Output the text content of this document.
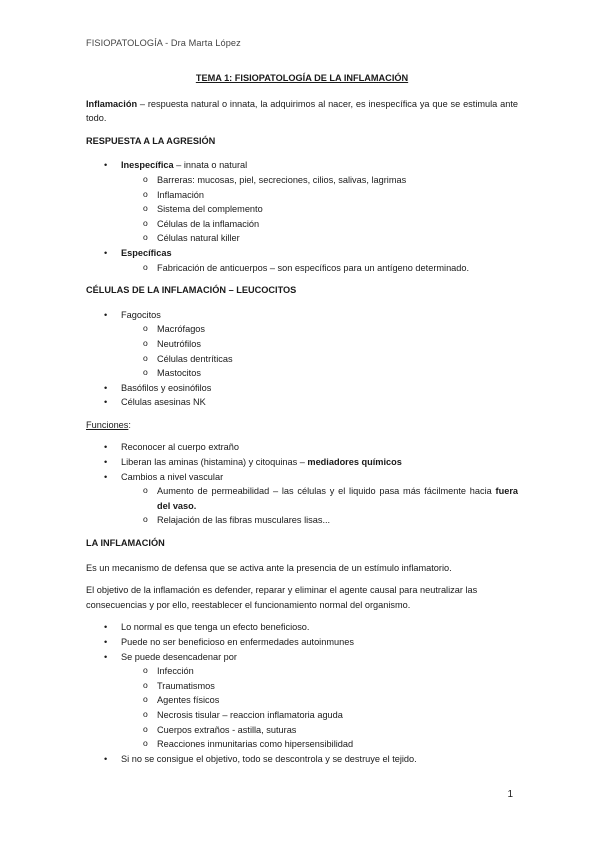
FISIOPATOLOGÍA - Dra Marta López
TEMA 1: FISIOPATOLOGÍA DE LA INFLAMACIÓN

Inflamación – respuesta natural o innata, la adquirimos al nacer, es inespecífica ya que se estimula ante todo.

RESPUESTA A LA AGRESIÓN
• Inespecífica – innata o natural
o Barreras: mucosas, piel, secreciones, cilios, salivas, lagrimas
o Inflamación
o Sistema del complemento
o Células de la inflamación
o Células natural killer
• Específicas
o Fabricación de anticuerpos – son específicos para un antígeno determinado.
CÉLULAS DE LA INFLAMACIÓN – LEUCOCITOS
• Fagocitos
o Macrófagos
o Neutrófilos
o Células dentríticas
o Mastocitos
• Basófilos y eosinófilos
• Células asesinas NK

Funciones:

• Reconocer al cuerpo extraño
• Liberan las aminas (histamina) y citoquinas – mediadores químicos
• Cambios a nivel vascular
o Aumento de permeabilidad – las células y el liquido pasa más fácilmente hacia fuera del vaso.
o Relajación de las fibras musculares lisas...
LA INFLAMACIÓN

Es un mecanismo de defensa que se activa ante la presencia de un estímulo inflamatorio.

El objetivo de la inflamación es defender, reparar y eliminar el agente causal para neutralizar las consecuencias y por ello, reestablecer el funcionamiento normal del organismo.

• Lo normal es que tenga un efecto beneficioso.
• Puede no ser beneficioso en enfermedades autoinmunes
• Se puede desencadenar por
o Infección
o Traumatismos
o Agentes físicos
o Necrosis tisular – reaccion inflamatoria aguda
o Cuerpos extraños - astilla, suturas
o Reacciones inmunitarias como hipersensibilidad
• Si no se consigue el objetivo, todo se descontrola y se destruye el tejido.
1
